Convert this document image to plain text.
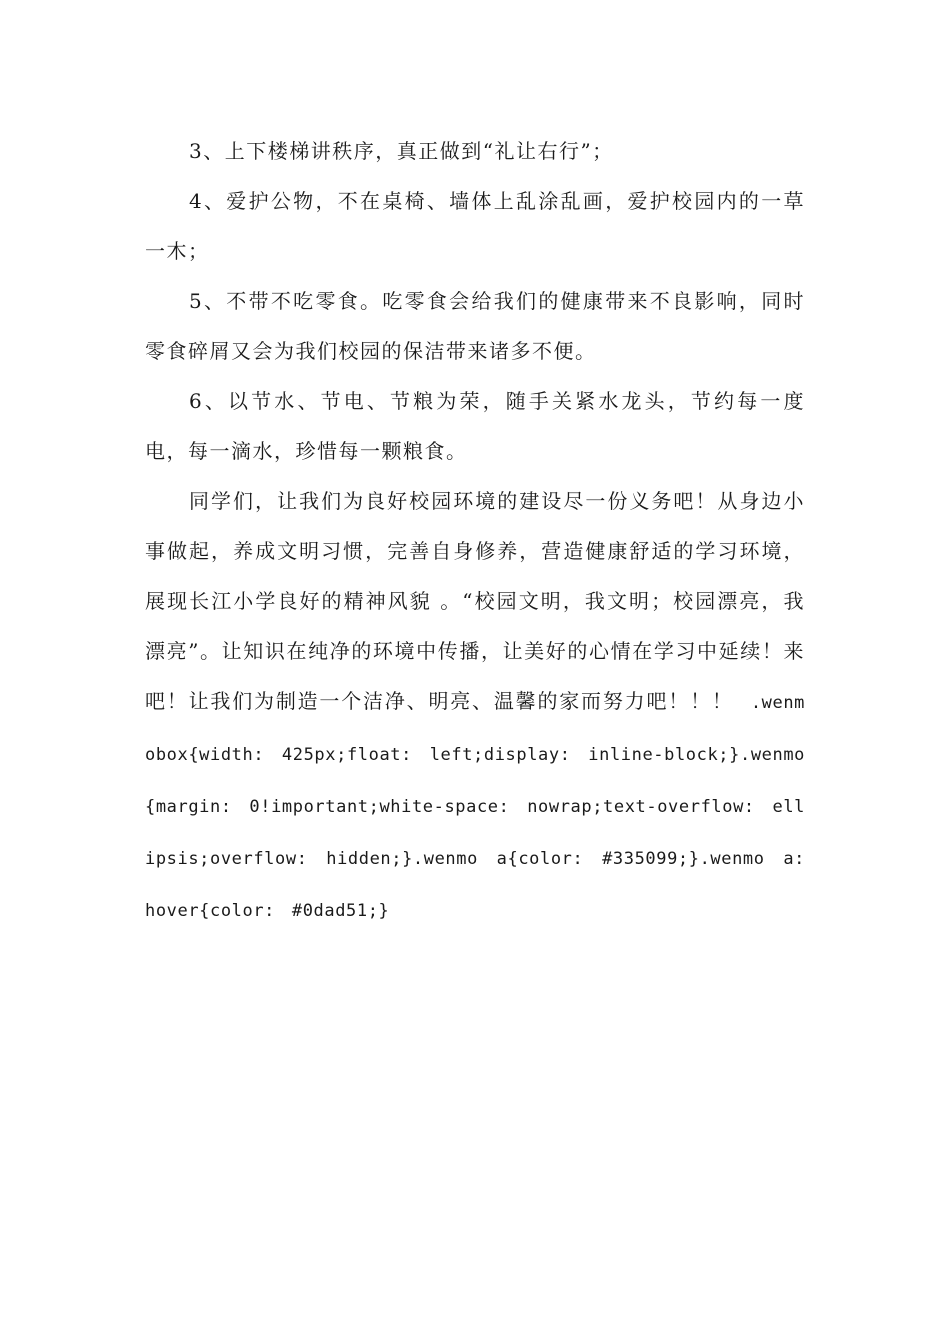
3、上下楼梯讲秩序，真正做到“礼让右行”；

4、爱护公物，不在桌椅、墙体上乱涂乱画，爱护校园内的一草一木；

5、不带不吃零食。吃零食会给我们的健康带来不良影响，同时零食碎屑又会为我们校园的保洁带来诸多不便。

6、以节水、节电、节粮为荣，随手关紧水龙头，节约每一度电，每一滴水，珍惜每一颗粮食。

同学们，让我们为良好校园环境的建设尽一份义务吧！从身边小事做起，养成文明习惯，完善自身修养，营造健康舒适的学习环境，展现长江小学良好的精神风貌 。“校园文明，我文明；校园漂亮，我漂亮”。让知识在纯净的环境中传播，让美好的心情在学习中延续！来吧！让我们为制造一个洁净、明亮、温馨的家而努力吧！！！ .wenmobox{width: 425px;float: left;display: inline-block;}.wenmo{margin: 0!important;white-space: nowrap;text-overflow: ellipsis;overflow: hidden;}.wenmo a{color: #335099;}.wenmo a:hover{color: #0dad51;}
